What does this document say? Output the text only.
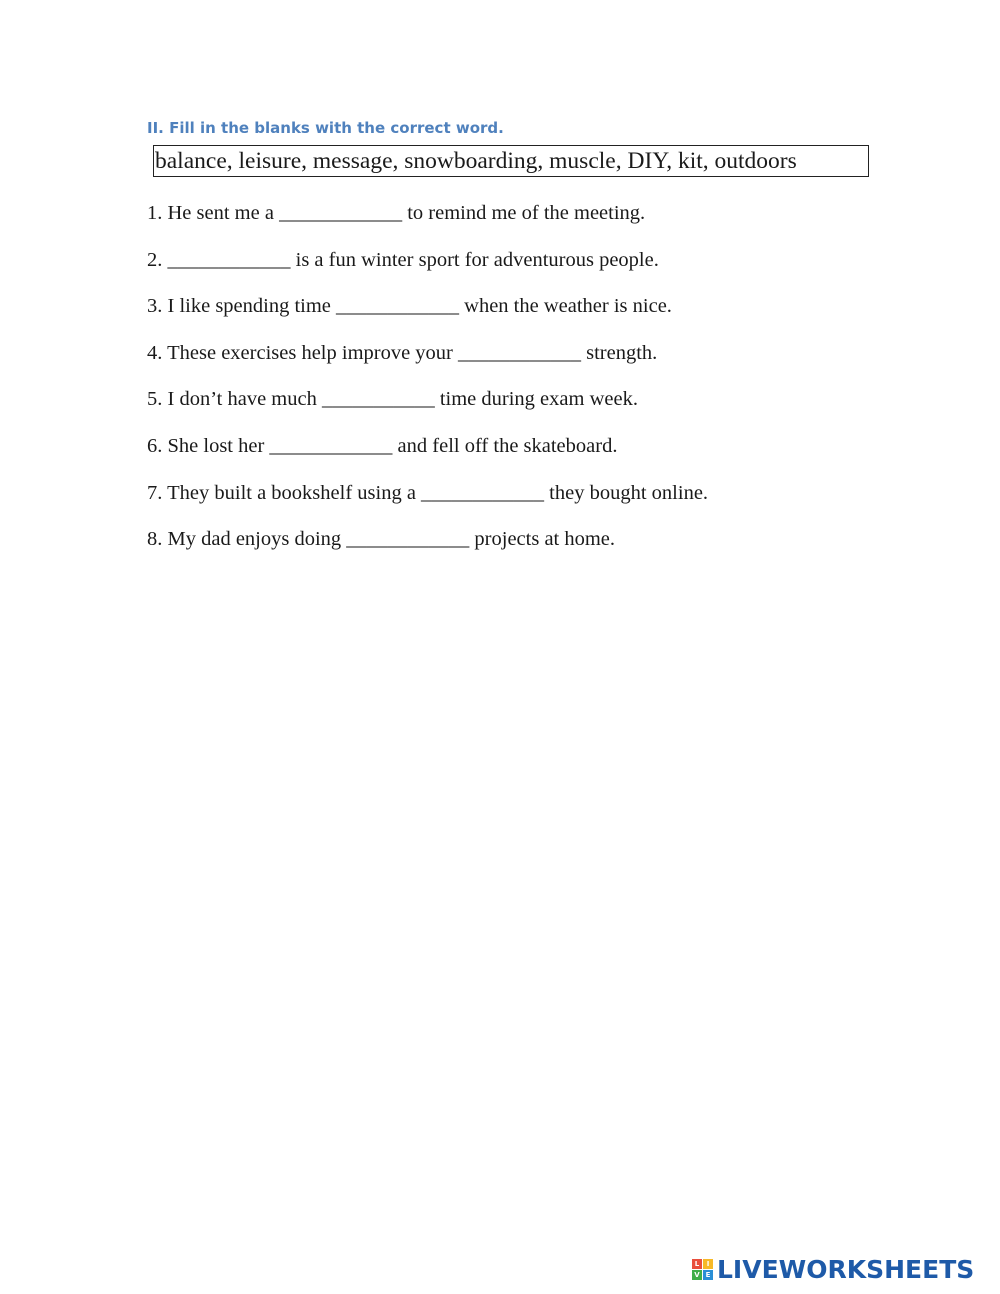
II. Fill in the blanks with the correct word.
balance, leisure, message, snowboarding, muscle, DIY, kit, outdoors
1. He sent me a ____________ to remind me of the meeting.
2. ____________ is a fun winter sport for adventurous people.
3. I like spending time ____________ when the weather is nice.
4. These exercises help improve your ____________ strength.
5. I don’t have much ___________ time during exam week.
6. She lost her ____________ and fell off the skateboard.
7. They built a bookshelf using a ____________ they bought online.
8. My dad enjoys doing ____________ projects at home.
L	I
V E LIVEWORKSHEETS
